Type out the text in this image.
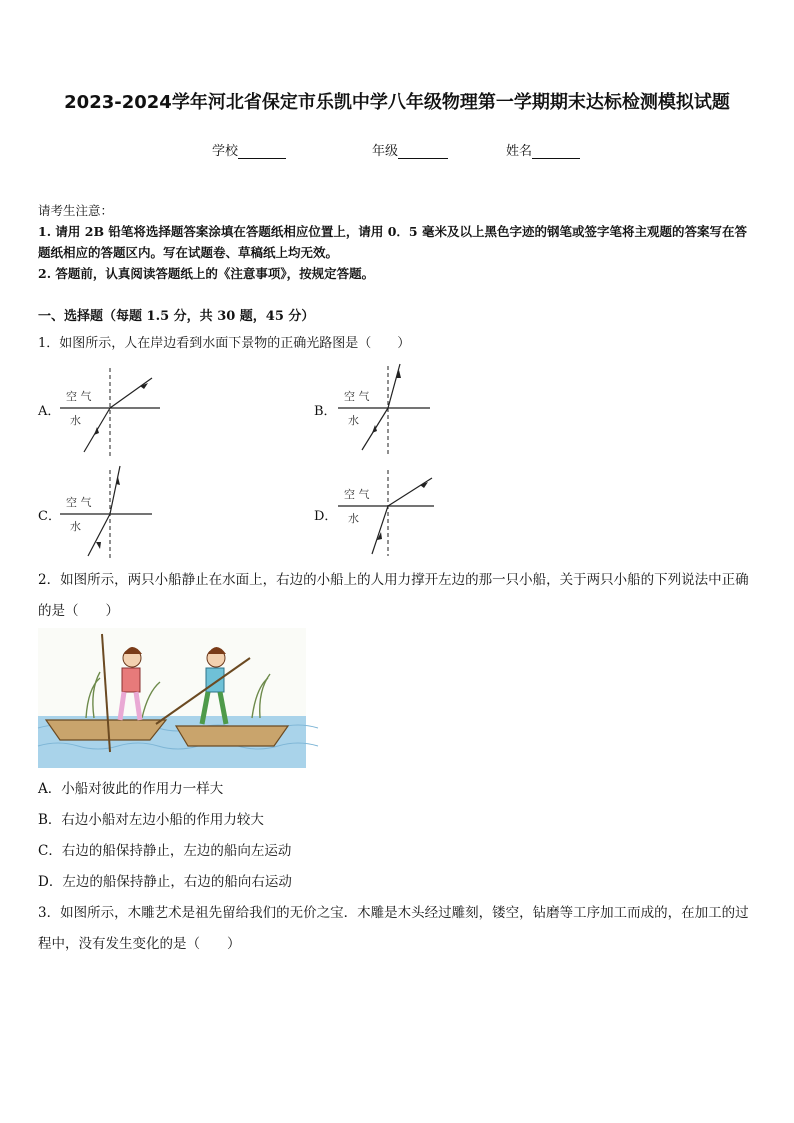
2023-2024学年河北省保定市乐凯中学八年级物理第一学期期末达标检测模拟试题
学校	年级	姓名
请考生注意：
1. 请用 2B 铅笔将选择题答案涂填在答题纸相应位置上，请用 0．5 毫米及以上黑色字迹的钢笔或签字笔将主观题的答案写在答题纸相应的答题区内。写在试题卷、草稿纸上均无效。
2. 答题前，认真阅读答题纸上的《注意事项》，按规定答题。
一、选择题（每题 1.5 分，共 30 题，45 分）
1．如图所示，人在岸边看到水面下景物的正确光路图是（　　）
A．	B．
C．	D．
空 气
水
空 气
水
空 气
水
空 气
水
2．如图所示，两只小船静止在水面上，右边的小船上的人用力撑开左边的那一只小船，关于两只小船的下列说法中正确的是（　　）
A．小船对彼此的作用力一样大
B．右边小船对左边小船的作用力较大
C．右边的船保持静止，左边的船向左运动
D．左边的船保持静止，右边的船向右运动
3．如图所示，木雕艺术是祖先留给我们的无价之宝．木雕是木头经过雕刻，镂空，钻磨等工序加工而成的，在加工的过程中，没有发生变化的是（　　）
